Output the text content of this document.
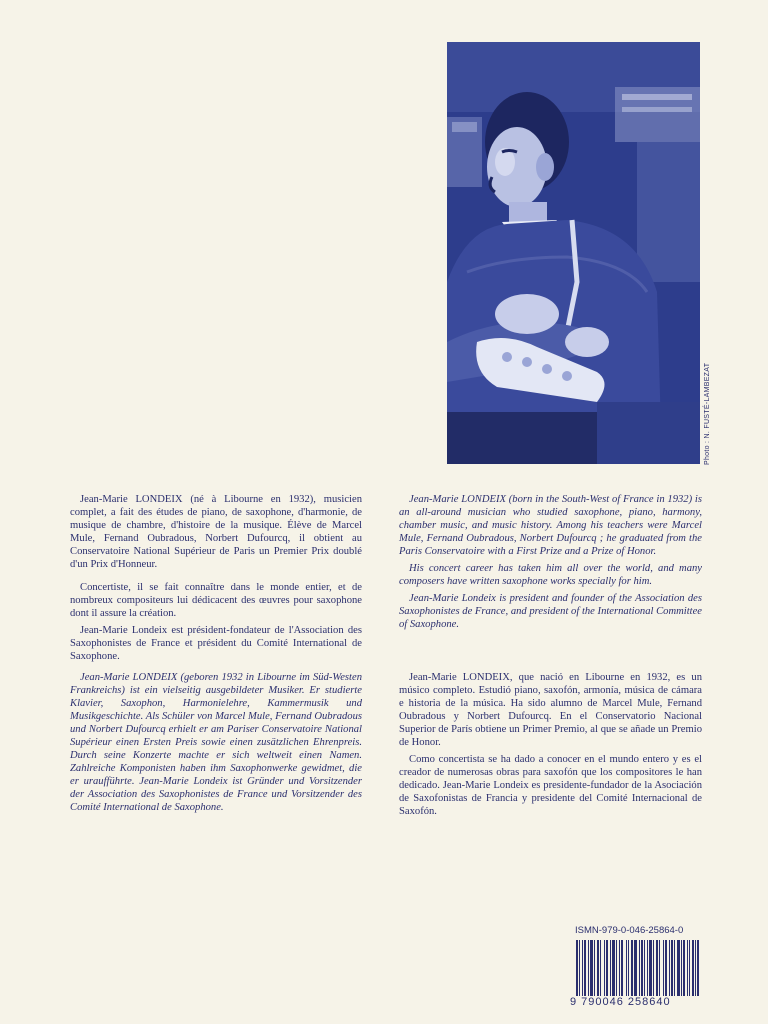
Photo : N. FUSTÉ-LAMBEZAT

Jean-Marie LONDEIX (né à Libourne en 1932), musicien complet, a fait des études de piano, de saxophone, d'harmonie, de musique de chambre, d'histoire de la musique. Élève de Marcel Mule, Fernand Oubradous, Norbert Dufourcq, il obtient au Conservatoire National Supérieur de Paris un Premier Prix doublé d'un Prix d'Honneur.

Concertiste, il se fait connaître dans le monde entier, et de nombreux compositeurs lui dédicacent des œuvres pour saxophone dont il assure la création.

Jean-Marie Londeix est président-fondateur de l'Association des Saxophonistes de France et président du Comité International de Saxophone.

Jean-Marie LONDEIX (geboren 1932 in Libourne im Süd-Westen Frankreichs) ist ein vielseitig ausgebildeter Musiker. Er studierte Klavier, Saxophon, Harmonielehre, Kammermusik und Musikgeschichte. Als Schüler von Marcel Mule, Fernand Oubradous und Norbert Dufourcq erhielt er am Pariser Conservatoire National Supérieur einen Ersten Preis sowie einen zusätzlichen Ehrenpreis. Durch seine Konzerte machte er sich weltweit einen Namen. Zahlreiche Komponisten haben ihm Saxophonwerke gewidmet, die er uraufführte. Jean-Marie Londeix ist Gründer und Vorsitzender der Association des Saxophonistes de France und Vorsitzender des Comité International de Saxophone.

Jean-Marie LONDEIX (born in the South-West of France in 1932) is an all-around musician who studied saxophone, piano, harmony, chamber music, and music history. Among his teachers were Marcel Mule, Fernand Oubradous, Norbert Dufourcq ; he graduated from the Paris Conservatoire with a First Prize and a Prize of Honor.

His concert career has taken him all over the world, and many composers have written saxophone works specially for him.

Jean-Marie Londeix is president and founder of the Association des Saxophonistes de France, and president of the International Committee of Saxophone.

Jean-Marie LONDEIX, que nació en Libourne en 1932, es un músico completo. Estudió piano, saxofón, armonía, música de cámara e historia de la música. Ha sido alumno de Marcel Mule, Fernand Oubradous y Norbert Dufourcq. En el Conservatorio Nacional Superior de París obtiene un Primer Premio, al que se añade un Premio de Honor.

Como concertista se ha dado a conocer en el mundo entero y es el creador de numerosas obras para saxofón que los compositores le han dedicado. Jean-Marie Londeix es presidente-fundador de la Asociación de Saxofonistas de Francia y presidente del Comité Internacional de Saxofón.

ISMN-979-0-046-25864-0
9 790046 258640
